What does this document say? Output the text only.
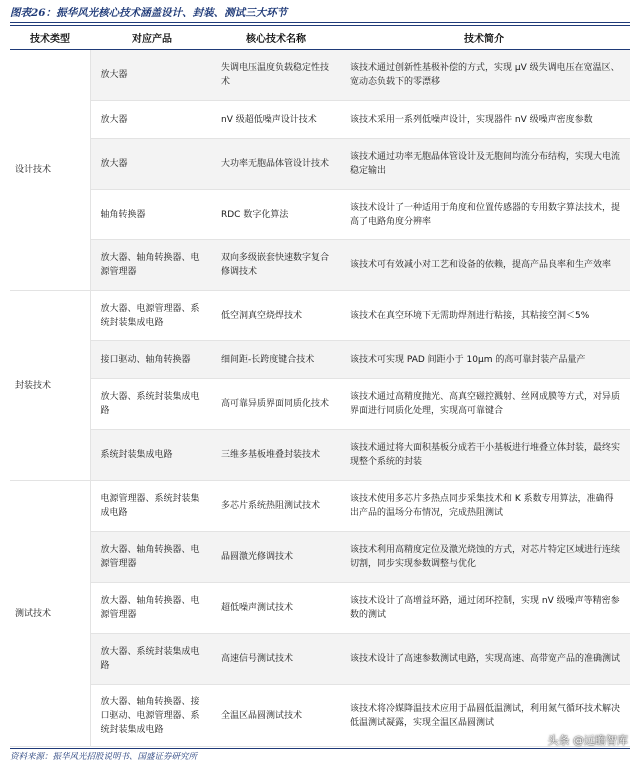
图表26：振华风光核心技术涵盖设计、封装、测试三大环节
技术类型	对应产品	核心技术名称	技术简介
设计技术	放大器	失调电压温度负载稳定性技术	该技术通过创新性基极补偿的方式，实现 μV 级失调电压在宽温区、宽动态负载下的零漂移
	放大器	nV 级超低噪声设计技术	该技术采用一系列低噪声设计，实现器件 nV 级噪声密度参数
	放大器	大功率无胞晶体管设计技术	该技术通过功率无胞晶体管设计及无胞间均流分布结构，实现大电流稳定输出
	轴角转换器	RDC 数字化算法	该技术设计了一种适用于角度和位置传感器的专用数字算法技术，提高了电路角度分辨率
	放大器、轴角转换器、电源管理器	双向多级嵌套快速数字复合修调技术	该技术可有效减小对工艺和设备的依赖，提高产品良率和生产效率
封装技术	放大器、电源管理器、系统封装集成电路	低空洞真空烧焊技术	该技术在真空环境下无需助焊剂进行粘接，其粘接空洞＜5%
	接口驱动、轴角转换器	细间距-长跨度键合技术	该技术可实现 PAD 间距小于 10μm 的高可靠封装产品量产
	放大器、系统封装集成电路	高可靠异质界面同质化技术	该技术通过高精度抛光、高真空磁控溅射、丝网成膜等方式，对异质界面进行同质化处理，实现高可靠键合
	系统封装集成电路	三维多基板堆叠封装技术	该技术通过将大面积基板分成若干小基板进行堆叠立体封装，最终实现整个系统的封装
测试技术	电源管理器、系统封装集成电路	多芯片系统热阻测试技术	该技术使用多芯片多热点同步采集技术和 K 系数专用算法，准确得出产品的温场分布情况，完成热阻测试
	放大器、轴角转换器、电源管理器	晶圆激光修调技术	该技术利用高精度定位及激光烧蚀的方式，对芯片特定区域进行连续切割，同步实现参数调整与优化
	放大器、轴角转换器、电源管理器	超低噪声测试技术	该技术设计了高增益环路，通过闭环控制，实现 nV 级噪声等精密参数的测试
	放大器、系统封装集成电路	高速信号测试技术	该技术设计了高速参数测试电路，实现高速、高带宽产品的准确测试
	放大器、轴角转换器、接口驱动、电源管理器、系统封装集成电路	全温区晶圆测试技术	该技术将冷媒降温技术应用于晶圆低温测试，利用氮气循环技术解决低温测试凝露，实现全温区晶圆测试
头条 @远瞻智库
资料来源：振华风光招股说明书、国盛证券研究所
